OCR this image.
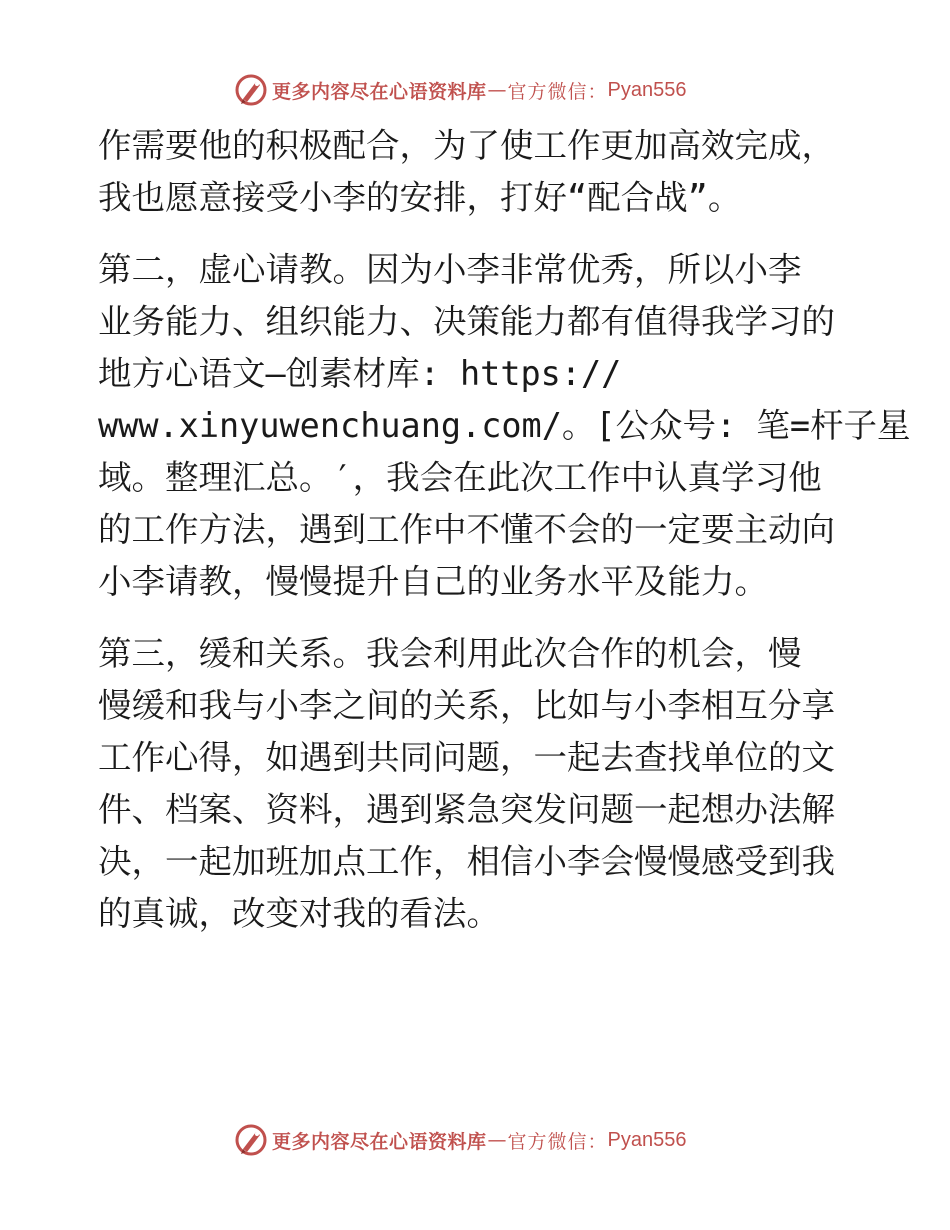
更多内容尽在心语资料库 — 官方微信： Pyan556
作需要他的积极配合，为了使工作更加高效完成，
我也愿意接受小李的安排，打好“配合战”。
第二，虚心请教。因为小李非常优秀，所以小李
业务能力、组织能力、决策能力都有值得我学习的
地方心语文—创素材库: https://
www.xinyuwenchuang.com/。[公众号: 笔=杆子星
域。整理汇总。′，我会在此次工作中认真学习他
的工作方法，遇到工作中不懂不会的一定要主动向
小李请教，慢慢提升自己的业务水平及能力。
第三，缓和关系。我会利用此次合作的机会，慢
慢缓和我与小李之间的关系，比如与小李相互分享
工作心得，如遇到共同问题，一起去查找单位的文
件、档案、资料，遇到紧急突发问题一起想办法解
决，一起加班加点工作，相信小李会慢慢感受到我
的真诚，改变对我的看法。
更多内容尽在心语资料库 — 官方微信： Pyan556
